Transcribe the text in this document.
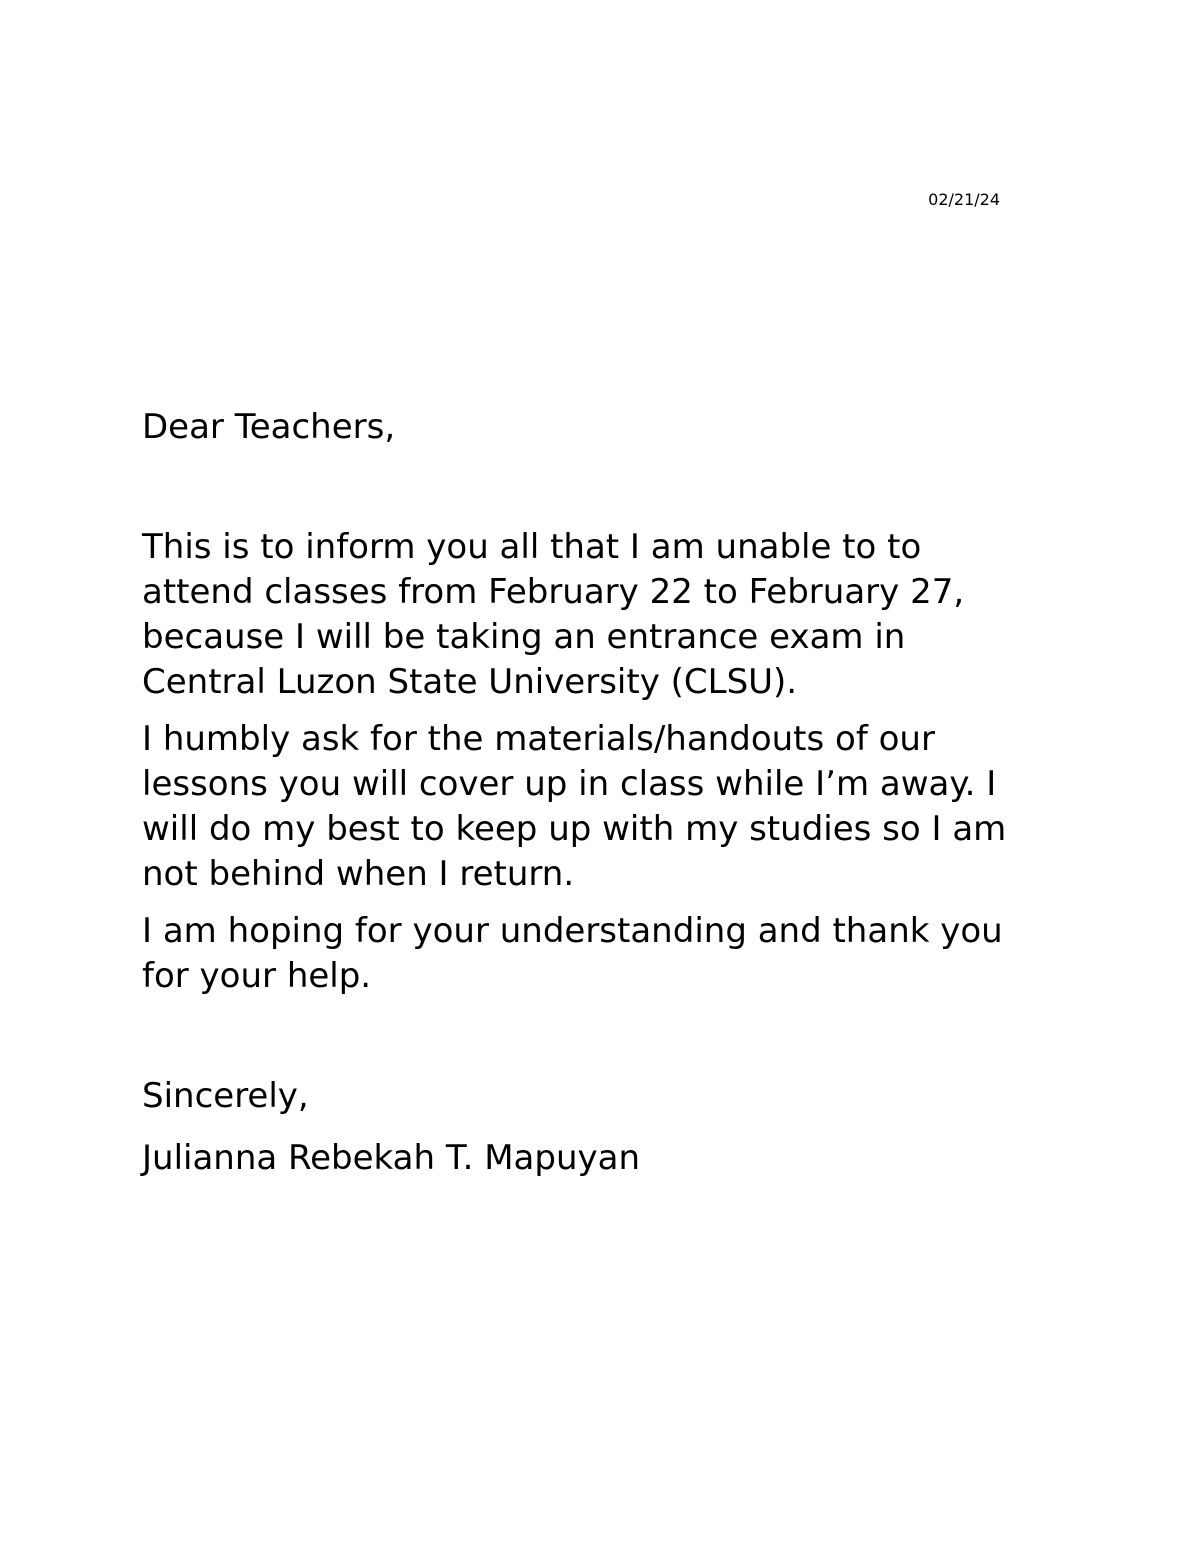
02/21/24
Dear Teachers,
This is to inform you all that I am unable to to
attend classes from February 22 to February 27,
because I will be taking an entrance exam in
Central Luzon State University (CLSU).
I humbly ask for the materials/handouts of our
lessons you will cover up in class while I’m away. I
will do my best to keep up with my studies so I am
not behind when I return.
I am hoping for your understanding and thank you
for your help.
Sincerely,
Julianna Rebekah T. Mapuyan
